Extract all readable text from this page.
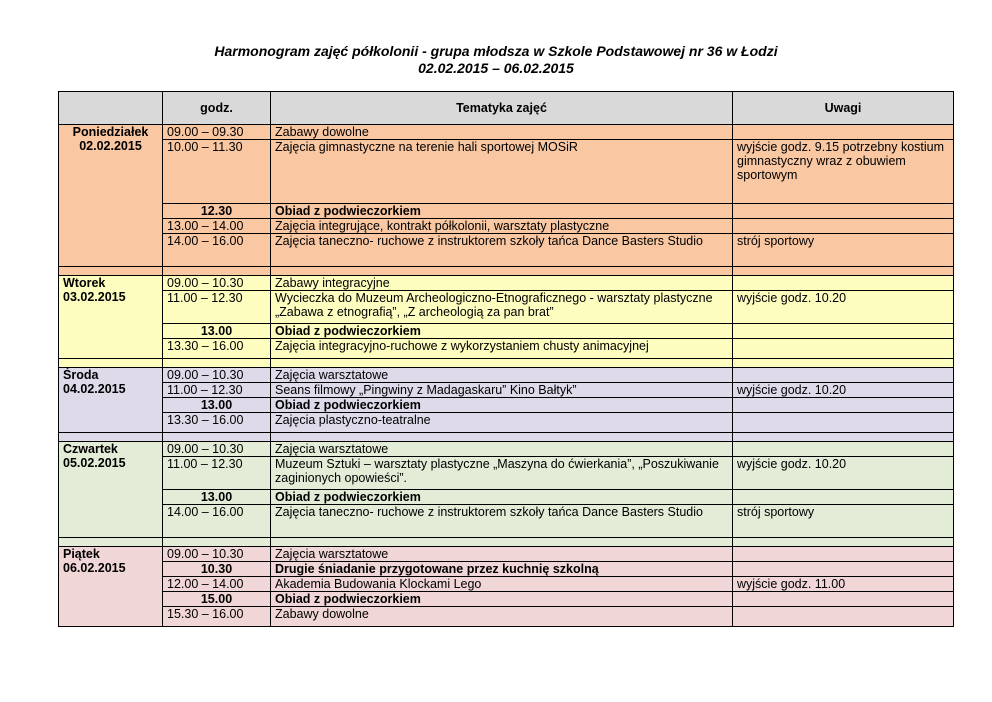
Harmonogram zajęć półkolonii - grupa młodsza w Szkole Podstawowej nr 36 w Łodzi
02.02.2015 – 06.02.2015
	godz.	Tematyka zajęć	Uwagi

Poniedziałek
02.02.2015	09.00 – 09.30	Zabawy dowolne	
	10.00 – 11.30	Zajęcia gimnastyczne na terenie hali sportowej MOSiR	wyjście godz. 9.15 potrzebny kostium gimnastyczny wraz z obuwiem sportowym
	12.30	Obiad z podwieczorkiem	
	13.00 – 14.00	Zajęcia integrujące, kontrakt półkolonii, warsztaty plastyczne	
	14.00 – 16.00	Zajęcia taneczno- ruchowe z instruktorem szkoły tańca Dance Basters Studio	strój sportowy

Wtorek
03.02.2015	09.00 – 10.30	Zabawy integracyjne	
	11.00 – 12.30	Wycieczka do Muzeum Archeologiczno-Etnograficznego - warsztaty plastyczne „Zabawa z etnografią”, „Z archeologią za pan brat”	wyjście godz. 10.20
	13.00	Obiad z podwieczorkiem	
	13.30 – 16.00	Zajęcia integracyjno-ruchowe z wykorzystaniem chusty animacyjnej	

Środa
04.02.2015	09.00 – 10.30	Zajęcia warsztatowe	
	11.00 – 12.30	Seans filmowy „Pingwiny z Madagaskaru” Kino Bałtyk”	wyjście godz. 10.20
	13.00	Obiad z podwieczorkiem	
	13.30 – 16.00	Zajęcia plastyczno-teatralne	

Czwartek
05.02.2015	09.00 – 10.30	Zajęcia warsztatowe	
	11.00 – 12.30	Muzeum Sztuki – warsztaty plastyczne „Maszyna do ćwierkania”, „Poszukiwanie zaginionych opowieści”.	wyjście godz. 10.20
	13.00	Obiad z podwieczorkiem	
	14.00 – 16.00	Zajęcia taneczno- ruchowe z instruktorem szkoły tańca Dance Basters Studio	strój sportowy

Piątek
06.02.2015	09.00 – 10.30	Zajęcia warsztatowe	
	10.30	Drugie śniadanie przygotowane przez kuchnię szkolną	
	12.00 – 14.00	Akademia Budowania Klockami Lego	wyjście godz. 11.00
	15.00	Obiad z podwieczorkiem	
	15.30 – 16.00	Zabawy dowolne	
